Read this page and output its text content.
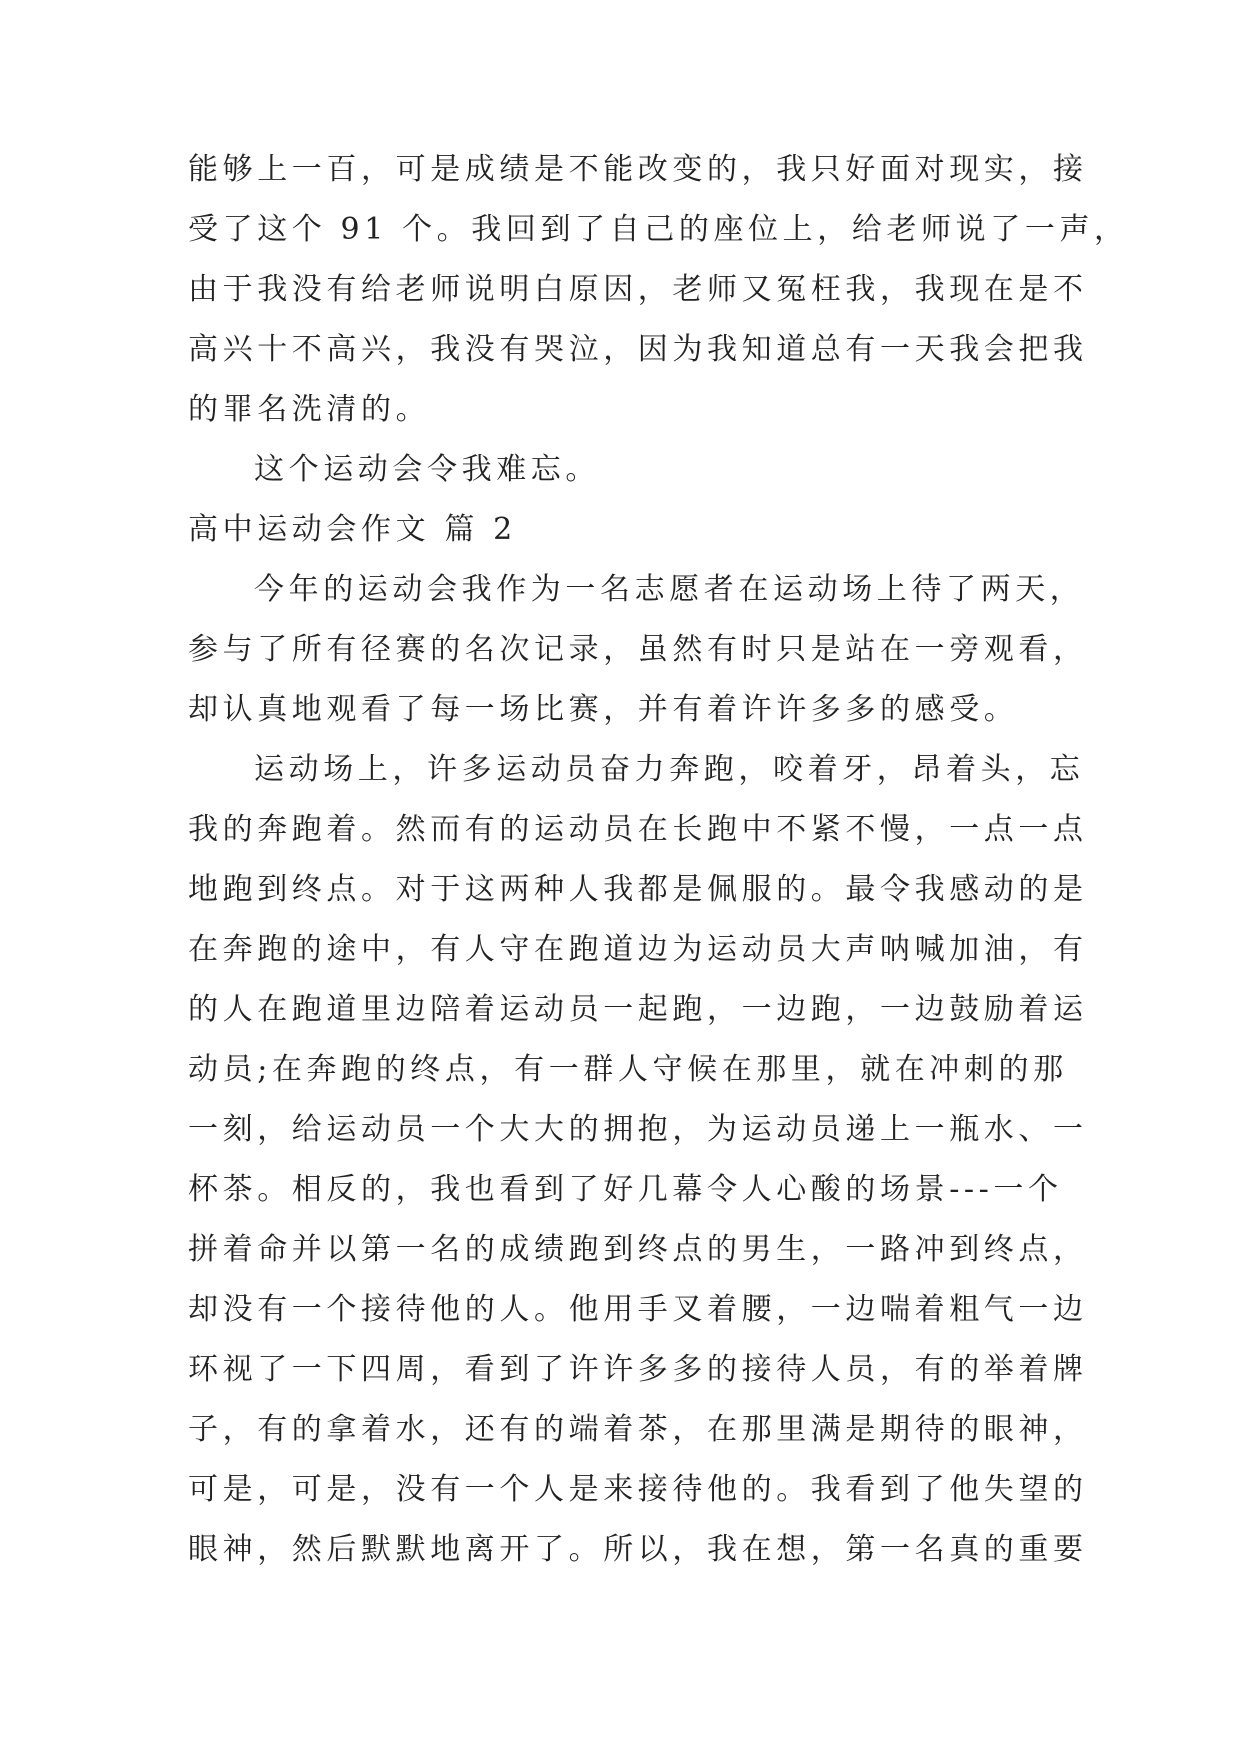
能够上一百，可是成绩是不能改变的，我只好面对现实，接
受了这个 91 个。我回到了自己的座位上，给老师说了一声，
由于我没有给老师说明白原因，老师又冤枉我，我现在是不
高兴十不高兴，我没有哭泣，因为我知道总有一天我会把我
的罪名洗清的。
这个运动会令我难忘。
高中运动会作文 篇 2
今年的运动会我作为一名志愿者在运动场上待了两天，
参与了所有径赛的名次记录，虽然有时只是站在一旁观看，
却认真地观看了每一场比赛，并有着许许多多的感受。
运动场上，许多运动员奋力奔跑，咬着牙，昂着头，忘
我的奔跑着。然而有的运动员在长跑中不紧不慢，一点一点
地跑到终点。对于这两种人我都是佩服的。最令我感动的是
在奔跑的途中，有人守在跑道边为运动员大声呐喊加油，有
的人在跑道里边陪着运动员一起跑，一边跑，一边鼓励着运
动员;在奔跑的终点，有一群人守候在那里，就在冲刺的那
一刻，给运动员一个大大的拥抱，为运动员递上一瓶水、一
杯茶。相反的，我也看到了好几幕令人心酸的场景---一个
拼着命并以第一名的成绩跑到终点的男生，一路冲到终点，
却没有一个接待他的人。他用手叉着腰，一边喘着粗气一边
环视了一下四周，看到了许许多多的接待人员，有的举着牌
子，有的拿着水，还有的端着茶，在那里满是期待的眼神，
可是，可是，没有一个人是来接待他的。我看到了他失望的
眼神，然后默默地离开了。所以，我在想，第一名真的重要
